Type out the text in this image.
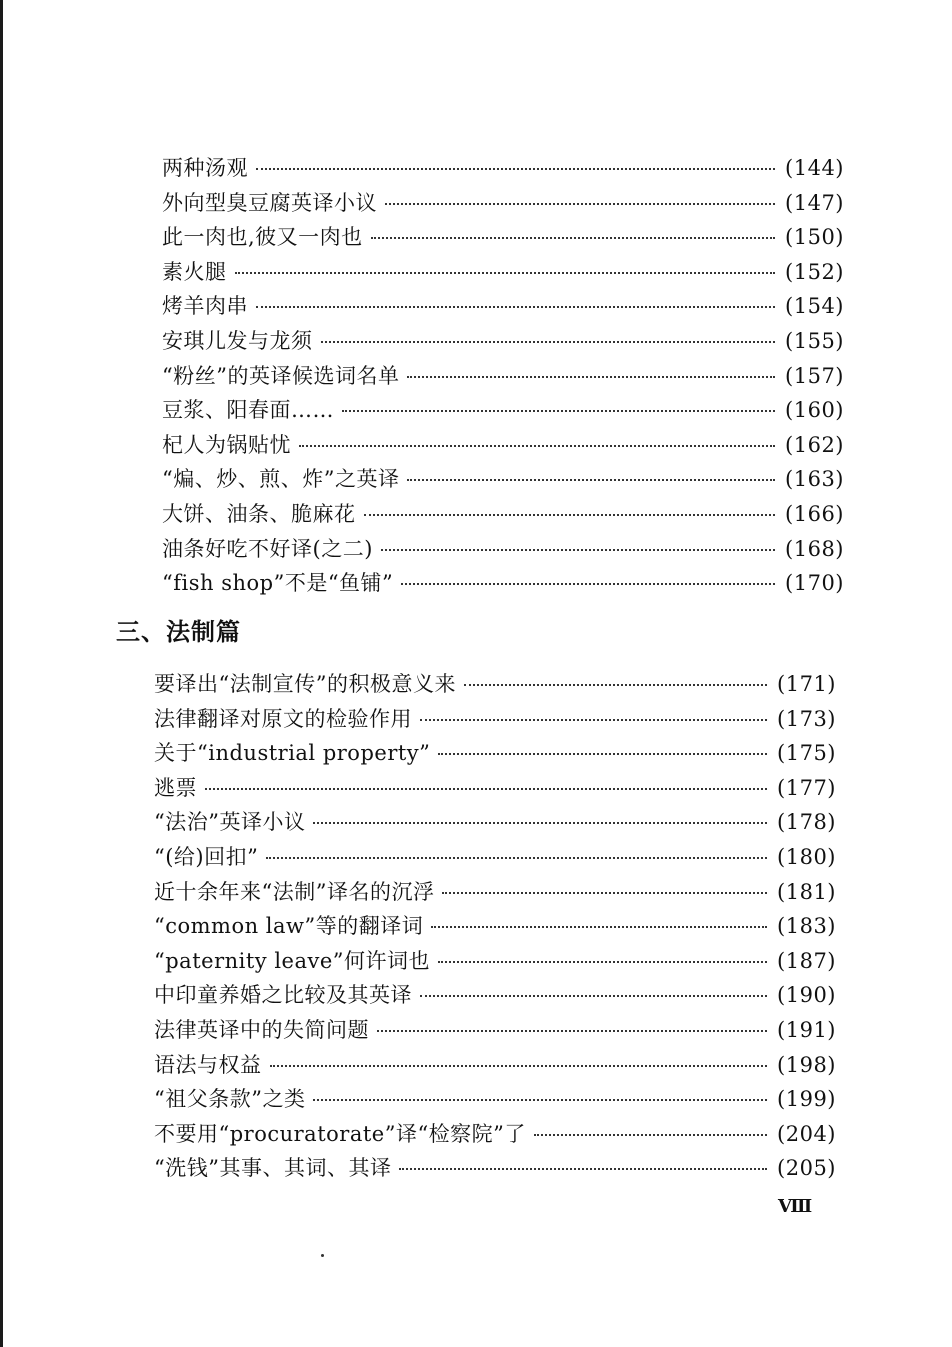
两种汤观	(144)
外向型臭豆腐英译小议	(147)
此一肉也,彼又一肉也	(150)
素火腿	(152)
烤羊肉串	(154)
安琪儿发与龙须	(155)
“粉丝”的英译候选词名单	(157)
豆浆、阳春面……	(160)
杞人为锅贴忧	(162)
“煸、炒、煎、炸”之英译	(163)
大饼、油条、脆麻花	(166)
油条好吃不好译(之二)	(168)
“fish shop”不是“鱼铺”	(170)
三、法制篇
要译出“法制宣传”的积极意义来	(171)
法律翻译对原文的检验作用	(173)
关于“industrial property”	(175)
逃票	(177)
“法治”英译小议	(178)
“(给)回扣”	(180)
近十余年来“法制”译名的沉浮	(181)
“common law”等的翻译词	(183)
“paternity leave”何许词也	(187)
中印童养婚之比较及其英译	(190)
法律英译中的失简问题	(191)
语法与权益	(198)
“祖父条款”之类	(199)
不要用“procuratorate”译“检察院”了	(204)
“洗钱”其事、其词、其译	(205)
Ⅷ
